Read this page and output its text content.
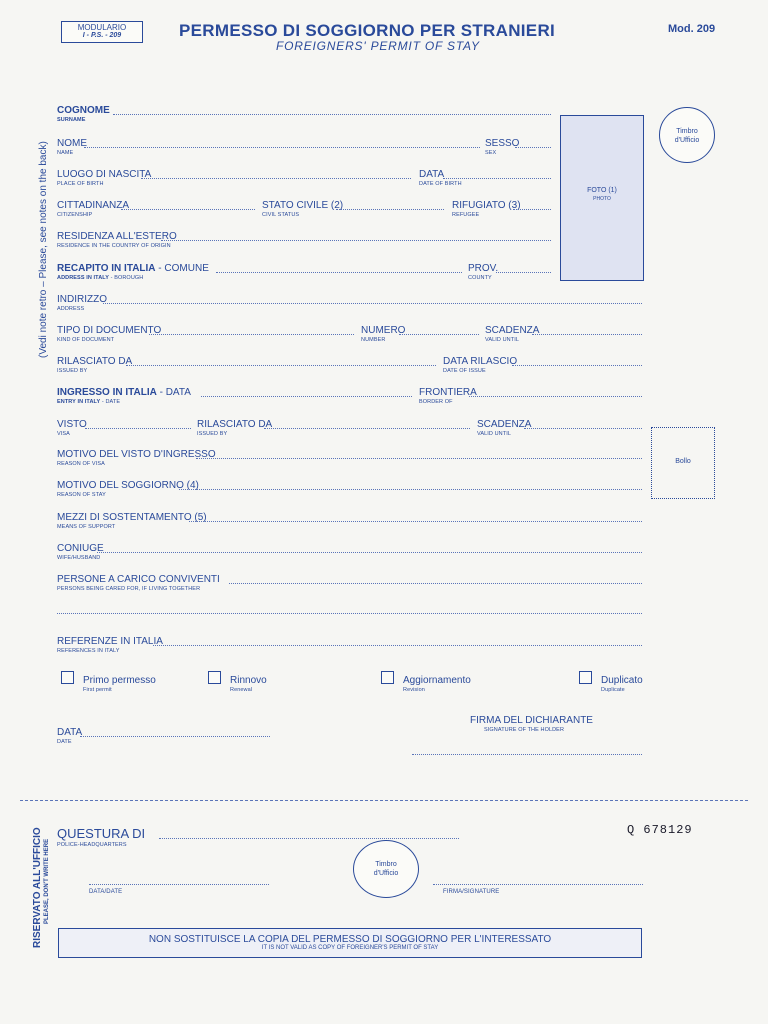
MODULARIO
I - P.S. - 209	PERMESSO DI SOGGIORNO PER STRANIERI
FOREIGNERS' PERMIT OF STAY
Mod. 209
(Vedi note retro – Please, see notes on the back)	FOTO (1)
PHOTO
Timbro
d'Ufficio
Bollo
COGNOME
SURNAME
NOME
NAME
SESSO
SEX
LUOGO DI NASCITA
PLACE OF BIRTH
DATA
DATE OF BIRTH
CITTADINANZA
CITIZENSHIP
STATO CIVILE (2)
CIVIL STATUS
RIFUGIATO (3)
REFUGEE
RESIDENZA ALL'ESTERO
RESIDENCE IN THE COUNTRY OF ORIGIN
RECAPITO IN ITALIA - COMUNE
ADDRESS IN ITALY - BOROUGH
PROV.
COUNTY
INDIRIZZO
ADDRESS
TIPO DI DOCUMENTO
KIND OF DOCUMENT
NUMERO
NUMBER
SCADENZA
VALID UNTIL
RILASCIATO DA
ISSUED BY
DATA RILASCIO
DATE OF ISSUE
INGRESSO IN ITALIA - DATA
ENTRY IN ITALY - DATE
FRONTIERA
BORDER OF
VISTO
VISA
RILASCIATO DA
ISSUED BY
SCADENZA
VALID UNTIL
MOTIVO DEL VISTO D'INGRESSO
REASON OF VISA
MOTIVO DEL SOGGIORNO (4)
REASON OF STAY
MEZZI DI SOSTENTAMENTO (5)
MEANS OF SUPPORT
CONIUGE
WIFE/HUSBAND
PERSONE A CARICO CONVIVENTI
PERSONS BEING CARED FOR, IF LIVING TOGETHER
REFERENZE IN ITALIA
REFERENCES IN ITALY
Primo permesso
First permit
Rinnovo
Renewal
Aggiornamento
Revision
Duplicato
Duplicate
FIRMA DEL DICHIARANTE
SIGNATURE OF THE HOLDER
DATA
DATE
RISERVATO ALL'UFFICIO PLEASE, DON'T WRITE HERE
QUESTURA DI
POLICE-HEADQUARTERS
Q 678129
Timbro
d'Ufficio
DATA/DATE	FIRMA/SIGNATURE
NON SOSTITUISCE LA COPIA DEL PERMESSO DI SOGGIORNO PER L'INTERESSATO
IT IS NOT VALID AS COPY OF FOREIGNER'S PERMIT OF STAY
